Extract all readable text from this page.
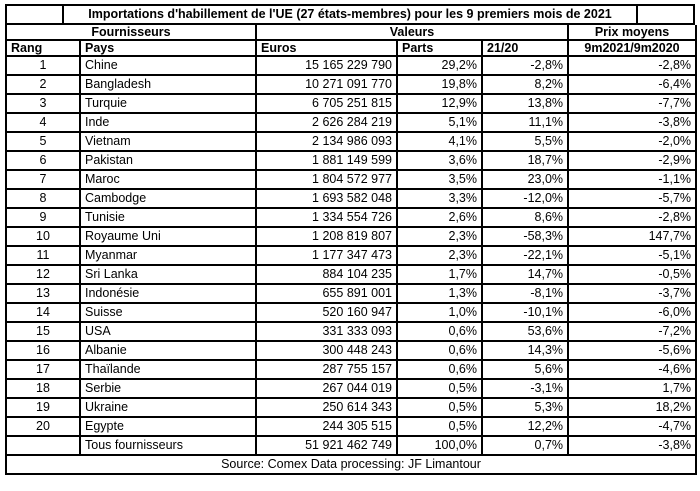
Importations d'habillement de l'UE (27 états-membres) pour les 9 premiers mois de 2021
Fournisseurs		Valeurs			Prix moyens
Rang	Pays	Euros	Parts	21/20	9m2021/9m2020
1	Chine	15 165 229 790	29,2%	-2,8%	-2,8%
2	Bangladesh	10 271 091 770	19,8%	8,2%	-6,4%
3	Turquie	6 705 251 815	12,9%	13,8%	-7,7%
4	Inde	2 626 284 219	5,1%	11,1%	-3,8%
5	Vietnam	2 134 986 093	4,1%	5,5%	-2,0%
6	Pakistan	1 881 149 599	3,6%	18,7%	-2,9%
7	Maroc	1 804 572 977	3,5%	23,0%	-1,1%
8	Cambodge	1 693 582 048	3,3%	-12,0%	-5,7%
9	Tunisie	1 334 554 726	2,6%	8,6%	-2,8%
10	Royaume Uni	1 208 819 807	2,3%	-58,3%	147,7%
11	Myanmar	1 177 347 473	2,3%	-22,1%	-5,1%
12	Sri Lanka	884 104 235	1,7%	14,7%	-0,5%
13	Indonésie	655 891 001	1,3%	-8,1%	-3,7%
14	Suisse	520 160 947	1,0%	-10,1%	-6,0%
15	USA	331 333 093	0,6%	53,6%	-7,2%
16	Albanie	300 448 243	0,6%	14,3%	-5,6%
17	Thaïlande	287 755 157	0,6%	5,6%	-4,6%
18	Serbie	267 044 019	0,5%	-3,1%	1,7%
19	Ukraine	250 614 343	0,5%	5,3%	18,2%
20	Egypte	244 305 515	0,5%	12,2%	-4,7%
	Tous fournisseurs	51 921 462 749	100,0%	0,7%	-3,8%
Source: Comex Data processing: JF Limantour					
